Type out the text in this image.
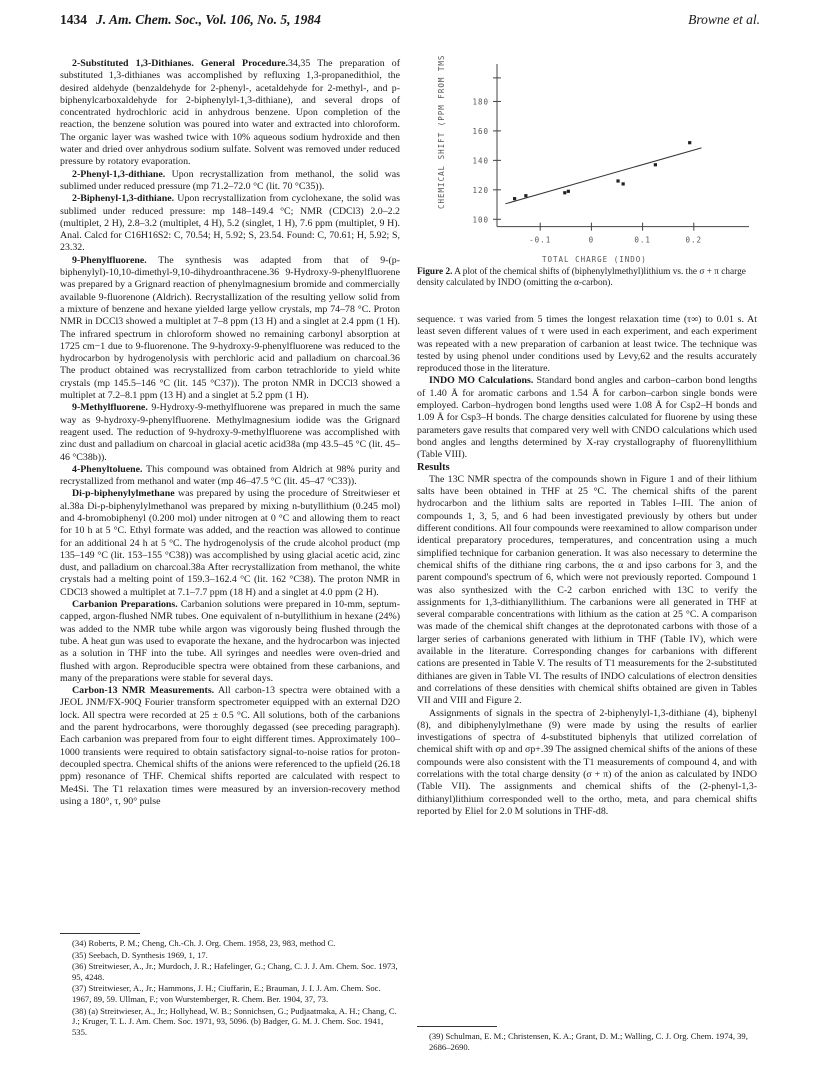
1434 J. Am. Chem. Soc., Vol. 106, No. 5, 1984	Browne et al.

2-Substituted 1,3-Dithianes. General Procedure.34,35 The preparation of substituted 1,3-dithianes was accomplished by refluxing 1,3-propanedithiol, the desired aldehyde (benzaldehyde for 2-phenyl-, acetaldehyde for 2-methyl-, and p-biphenylcarboxaldehyde for 2-biphenylyl-1,3-dithiane), and several drops of concentrated hydrochloric acid in anhydrous benzene. Upon completion of the reaction, the benzene solution was poured into water and extracted into chloroform. The organic layer was washed twice with 10% aqueous sodium hydroxide and then water and dried over anhydrous sodium sulfate. Solvent was removed under reduced pressure by rotatory evaporation.

2-Phenyl-1,3-dithiane. Upon recrystallization from methanol, the solid was sublimed under reduced pressure (mp 71.2–72.0 °C (lit. 70 °C35)).

2-Biphenyl-1,3-dithiane. Upon recrystallization from cyclohexane, the solid was sublimed under reduced pressure: mp 148–149.4 °C; NMR (CDCl3) 2.0–2.2 (multiplet, 2 H), 2.8–3.2 (multiplet, 4 H), 5.2 (singlet, 1 H), 7.6 ppm (multiplet, 9 H). Anal. Calcd for C16H16S2: C, 70.54; H, 5.92; S, 23.54. Found: C, 70.61; H, 5.92; S, 23.32.

9-Phenylfluorene. The synthesis was adapted from that of 9-(p-biphenylyl)-10,10-dimethyl-9,10-dihydroanthracene.36 9-Hydroxy-9-phenylfluorene was prepared by a Grignard reaction of phenylmagnesium bromide and commercially available 9-fluorenone (Aldrich). Recrystallization of the resulting yellow solid from a mixture of benzene and hexane yielded large yellow crystals, mp 74–78 °C. Proton NMR in DCCl3 showed a multiplet at 7–8 ppm (13 H) and a singlet at 2.4 ppm (1 H). The infrared spectrum in chloroform showed no remaining carbonyl absorption at 1725 cm−1 due to 9-fluorenone. The 9-hydroxy-9-phenylfluorene was reduced to the hydrocarbon by hydrogenolysis with perchloric acid and palladium on charcoal.36 The product obtained was recrystallized from carbon tetrachloride to yield white crystals (mp 145.5–146 °C (lit. 145 °C37)). The proton NMR in DCCl3 showed a multiplet at 7.2–8.1 ppm (13 H) and a singlet at 5.2 ppm (1 H).

9-Methylfluorene. 9-Hydroxy-9-methylfluorene was prepared in much the same way as 9-hydroxy-9-phenylfluorene. Methylmagnesium iodide was the Grignard reagent used. The reduction of 9-hydroxy-9-methylfluorene was accomplished with zinc dust and palladium on charcoal in glacial acetic acid38a (mp 43.5–45 °C (lit. 45–46 °C38b)).

4-Phenyltoluene. This compound was obtained from Aldrich at 98% purity and recrystallized from methanol and water (mp 46–47.5 °C (lit. 45–47 °C33)).

Di-p-biphenylylmethane was prepared by using the procedure of Streitwieser et al.38a Di-p-biphenylylmethanol was prepared by mixing n-butyllithium (0.245 mol) and 4-bromobiphenyl (0.200 mol) under nitrogen at 0 °C and allowing them to react for 10 h at 5 °C. Ethyl formate was added, and the reaction was allowed to continue for an additional 24 h at 5 °C. The hydrogenolysis of the crude alcohol product (mp 135–149 °C (lit. 153–155 °C38)) was accomplished by using glacial acetic acid, zinc dust, and palladium on charcoal.38a After recrystallization from methanol, the white crystals had a melting point of 159.3–162.4 °C (lit. 162 °C38). The proton NMR in CDCl3 showed a multiplet at 7.1–7.7 ppm (18 H) and a singlet at 4.0 ppm (2 H).

Carbanion Preparations. Carbanion solutions were prepared in 10-mm, septum-capped, argon-flushed NMR tubes. One equivalent of n-butyllithium in hexane (24%) was added to the NMR tube while argon was vigorously being flushed through the tube. A heat gun was used to evaporate the hexane, and the hydrocarbon was injected as a solution in THF into the tube. All syringes and needles were oven-dried and flushed with argon. Reproducible spectra were obtained from these carbanions, and many of the preparations were stable for several days.

Carbon-13 NMR Measurements. All carbon-13 spectra were obtained with a JEOL JNM/FX-90Q Fourier transform spectrometer equipped with an external D2O lock. All spectra were recorded at 25 ± 0.5 °C. All solutions, both of the carbanions and the parent hydrocarbons, were thoroughly degassed (see preceding paragraph). Each carbanion was prepared from four to eight different times. Approximately 100–1000 transients were required to obtain satisfactory signal-to-noise ratios for proton-decoupled spectra. Chemical shifts of the anions were referenced to the upfield (26.18 ppm) resonance of THF. Chemical shifts reported are calculated with respect to Me4Si. The T1 relaxation times were measured by an inversion-recovery method using a 180°, τ, 90° pulse

(34) Roberts, P. M.; Cheng, Ch.-Ch. J. Org. Chem. 1958, 23, 983, method C.

(35) Seebach, D. Synthesis 1969, 1, 17.

(36) Streitwieser, A., Jr.; Murdoch, J. R.; Hafelinger, G.; Chang, C. J. J. Am. Chem. Soc. 1973, 95, 4248.

(37) Streitwieser, A., Jr.; Hammons, J. H.; Ciuffarin, E.; Brauman, J. I. J. Am. Chem. Soc. 1967, 89, 59. Ullman, F.; von Wurstemberger, R. Chem. Ber. 1904, 37, 73.

(38) (a) Streitwieser, A., Jr.; Hollyhead, W. B.; Sonnichsen, G.; Pudjaatmaka, A. H.; Chang, C. J.; Kruger, T. L. J. Am. Chem. Soc. 1971, 93, 5096. (b) Badger, G. M. J. Chem. Soc. 1941, 535.

100
120
140
160
180
-0.1	0	0.1	0.2
CHEMICAL SHIFT (PPM FROM TMS)
TOTAL CHARGE (INDO)
Figure 2. A plot of the chemical shifts of (biphenylylmethyl)lithium vs. the σ + π charge density calculated by INDO (omitting the α-carbon).

sequence. τ was varied from 5 times the longest relaxation time (τ∞) to 0.01 s. At least seven different values of τ were used in each experiment, and each experiment was repeated with a new preparation of carbanion at least twice. The technique was tested by using phenol under conditions used by Levy,62 and the results accurately reproduced those in the literature.

INDO MO Calculations. Standard bond angles and carbon–carbon bond lengths of 1.40 Å for aromatic carbons and 1.54 Å for carbon–carbon single bonds were employed. Carbon–hydrogen bond lengths used were 1.08 Å for Csp2–H bonds and 1.09 Å for Csp3–H bonds. The charge densities calculated for fluorene by using these parameters gave results that compared very well with CNDO calculations which used bond angles and lengths determined by X-ray crystallography of fluorenyllithium (Table VIII).

Results

The 13C NMR spectra of the compounds shown in Figure 1 and of their lithium salts have been obtained in THF at 25 °C. The chemical shifts of the parent hydrocarbon and the lithium salts are reported in Tables I–III. The anion of compounds 1, 3, 5, and 6 had been investigated previously by others but under different conditions. All four compounds were reexamined to allow comparison under identical preparatory procedures, temperatures, and concentration using a much simplified technique for carbanion generation. It was also necessary to determine the chemical shifts of the dithiane ring carbons, the α and ipso carbons for 3, and the parent compound's spectrum of 6, which were not previously reported. Compound 1 was also synthesized with the C-2 carbon enriched with 13C to verify the assignments for 1,3-dithianyllithium. The carbanions were all generated in THF at several comparable concentrations with lithium as the cation at 25 °C. A comparison was made of the chemical shift changes at the deprotonated carbons with those of a larger series of carbanions generated with lithium in THF (Table IV), which were available in the literature. Corresponding changes for carbanions with different cations are presented in Table V. The results of T1 measurements for the 2-substituted dithianes are given in Table VI. The results of INDO calculations of electron densities and correlations of these densities with chemical shifts obtained are given in Tables VII and VIII and Figure 2.

Assignments of signals in the spectra of 2-biphenylyl-1,3-dithiane (4), biphenyl (8), and dibiphenylylmethane (9) were made by using the results of earlier investigations of spectra of 4-substituted biphenyls that utilized correlation of chemical shift with σp and σp+.39 The assigned chemical shifts of the anions of these compounds were also consistent with the T1 measurements of compound 4, and with correlations with the total charge density (σ + π) of the anion as calculated by INDO (Table VII). The assignments and chemical shifts of the (2-phenyl-1,3-dithianyl)lithium corresponded well to the ortho, meta, and para chemical shifts reported by Eliel for 2.0 M solutions in THF-d8.

(39) Schulman, E. M.; Christensen, K. A.; Grant, D. M.; Walling, C. J. Org. Chem. 1974, 39, 2686–2690.
